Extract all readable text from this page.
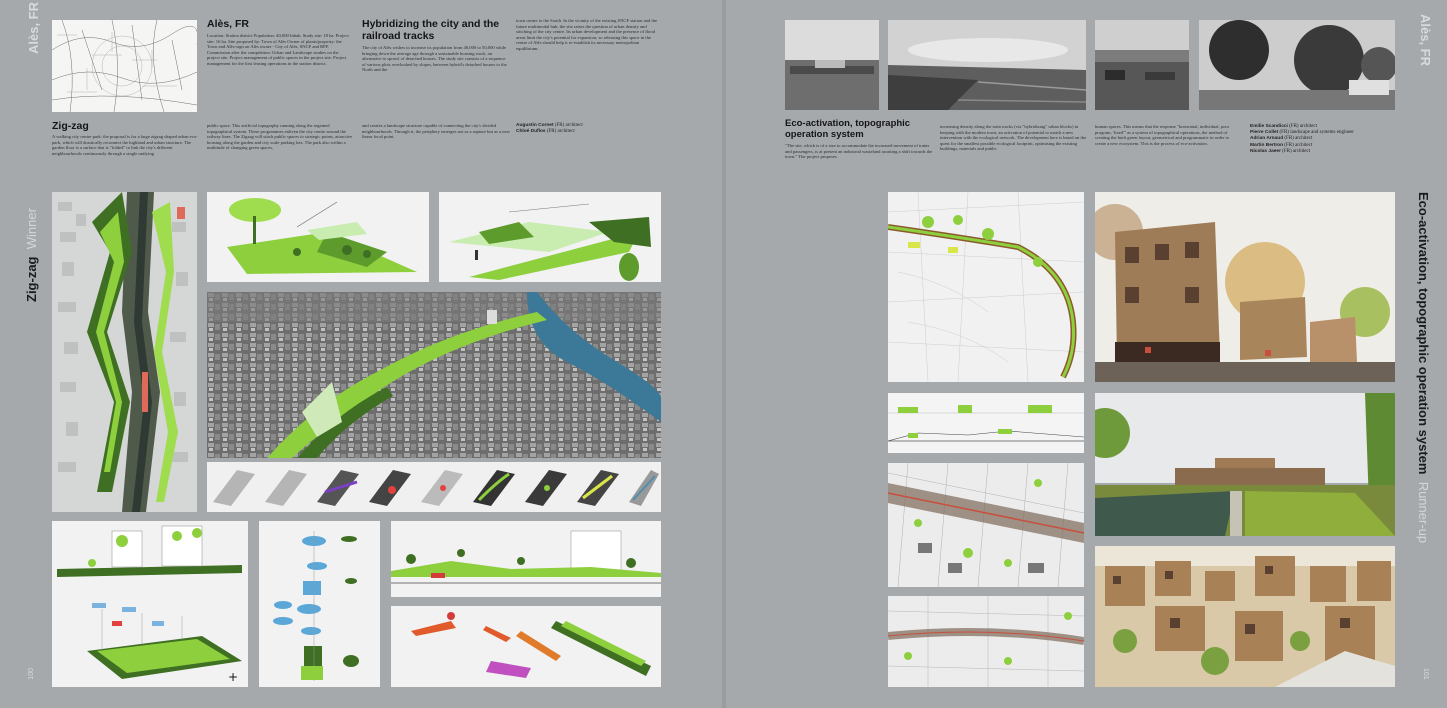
Alès, FR
Zig-zag  Winner
100
Alès, FR
Location: Station district Population: 40,000 Inhab. Study site: 18 ha. Project site: 16 ha. Site proposed by: Town of Alès Owner of plants/property: the Town and Alès-sign on Alès owner - City of Alès, SNCF and RFF. Commission after the competition: Urban and Landscape studies on the project site. Project management of public spaces in the project site. Project management for the first leasing operations in the station district.
Hybridizing the city and the railroad tracks
The city of Alès wishes to increase its population from 40,000 to 50,000 while bringing down the average age through a sustainable housing stock, an alternative to sprawl of detached houses. The study site consists of a sequence of various plots overlooked by slopes, between hybrid's detached houses to the North and the
town centre to the South. In the vicinity of the existing SNCF station and the future multimodal hub, the site raises the question of urban density and stitching of the city centre. Its urban development and the presence of flood areas limit the city's potential for expansion, so releasing this space in the centre of Alès should help it re-establish its necessary metropolitan equilibrium.
Zig-zag
A walking city centre park: the proposal is for a large zigzag shaped urban eco-park, which will drastically reconnect the highland and urban structure. The garden floor is a surface that is "folded" to link the city's different neighbourhoods continuously through a single unifying
public space. This artificial topography running along the regained topographical system. These programmes enliven the city centre around the railway lines. The Zigzag will stitch public spaces to strategic points, attractive housing along the garden and city scale parking lots. The park also within a multitude of changing green spaces,
and creates a landscape structure capable of connecting the city's divided neighbourhoods. Through it, the periphery emerges not as a rupture but as a new linear focal point.
Augustin Cornet (FR) architect
Chloé Duflos (FR) architect
+
Alès, FR
Eco-activation, topographic operation system  Runner-up
101
Eco-activation, topographic operation system
"The site, which is of a size to accommodate the increased movement of trains and passengers, is at present an industrial wasteland awaiting a shift towards the town." The project proposes
increasing density along the train tracks (via "hybridising" urban blocks) in keeping with the modern town, an activation of potential to match a new intervention with the ecological network. The development here is based on the quest for the smallest possible ecological footprint, optimising the existing buildings, materials and public
human spaces. This means that the response "horizontal, individual, poor program, 'fixed'" as a system of topographical operations, the method of creating the built green layout, geometrical and programmatic in order to create a new ecosystem. This is the process of eco-activation.
Emilie Scandicci (FR) architect
Pierre Collet (FR) landscape and systems engineer
Adrian Arnaud (FR) architect
Martin Bertron (FR) architect
Nicolas Jaeer (FR) architect
